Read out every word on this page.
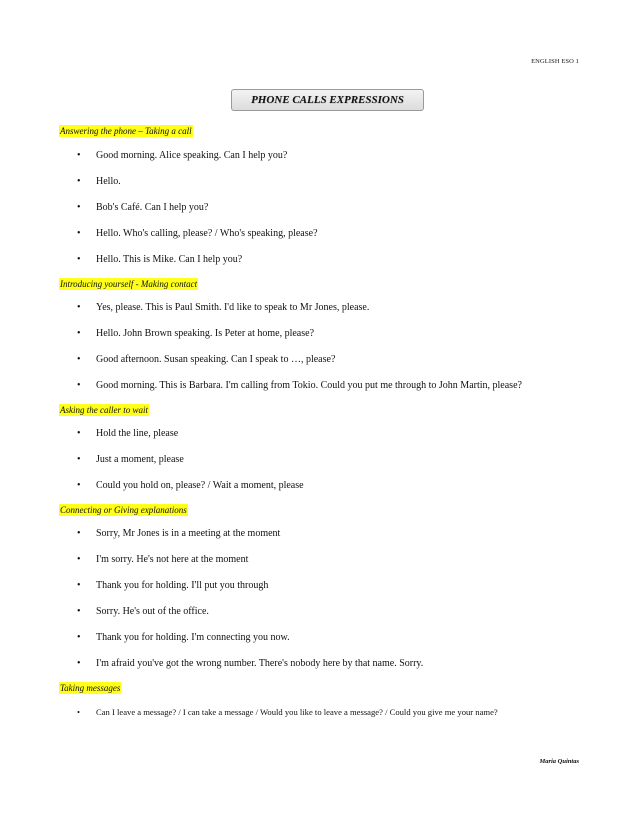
ENGLISH ESO 1
PHONE CALLS EXPRESSIONS
Answering the phone – Taking a call
• Good morning. Alice speaking. Can I help you?
• Hello.
• Bob's Café. Can I help you?
• Hello. Who's calling, please? / Who's speaking, please?
• Hello. This is Mike. Can I help you?
Introducing yourself - Making contact
• Yes, please. This is Paul Smith. I'd like to speak to Mr Jones, please.
• Hello. John Brown speaking. Is Peter at home, please?
• Good afternoon. Susan speaking. Can I speak to …, please?
• Good morning. This is Barbara. I'm calling from Tokio. Could you put me through to John Martin, please?
Asking the caller to wait
• Hold the line, please
• Just a moment, please
• Could you hold on, please? / Wait a moment, please
Connecting or Giving explanations
• Sorry, Mr Jones is in a meeting at the moment
• I'm sorry. He's not here at the moment
• Thank you for holding. I'll put you through
• Sorry. He's out of the office.
• Thank you for holding. I'm connecting you now.
• I'm afraid you've got the wrong number. There's nobody here by that name. Sorry.
Taking messages
• Can I leave a message? / I can take a message / Would you like to leave a message? / Could you give me your name?
Maria Quintas
